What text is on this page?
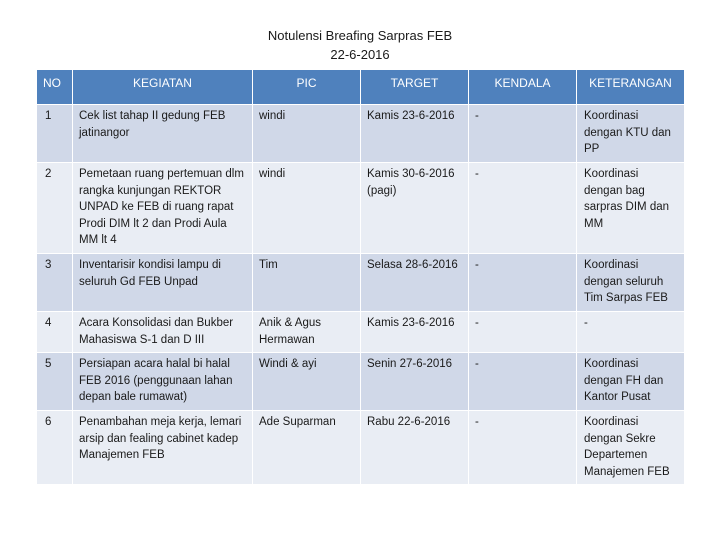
Notulensi Breafing Sarpras FEB
22-6-2016
NO	KEGIATAN	PIC	TARGET	KENDALA	KETERANGAN
1	Cek list tahap II gedung FEB jatinangor	windi	Kamis 23-6-2016	-	Koordinasi dengan KTU dan PP
2	Pemetaan ruang pertemuan dlm rangka kunjungan REKTOR UNPAD ke FEB di ruang rapat Prodi DIM lt 2 dan Prodi Aula MM lt 4	windi	Kamis 30-6-2016 (pagi)	-	Koordinasi dengan bag sarpras DIM dan MM
3	Inventarisir kondisi lampu di seluruh Gd FEB Unpad	Tim	Selasa 28-6-2016	-	Koordinasi dengan seluruh Tim Sarpas FEB
4	Acara Konsolidasi dan Bukber Mahasiswa S-1 dan D III	Anik & Agus Hermawan	Kamis 23-6-2016	-	-
5	Persiapan acara halal bi halal FEB 2016 (penggunaan lahan depan bale rumawat)	Windi & ayi	Senin 27-6-2016	-	Koordinasi dengan FH dan Kantor Pusat
6	Penambahan meja kerja, lemari arsip dan fealing cabinet kadep Manajemen FEB	Ade Suparman	Rabu 22-6-2016	-	Koordinasi dengan Sekre Departemen Manajemen FEB
